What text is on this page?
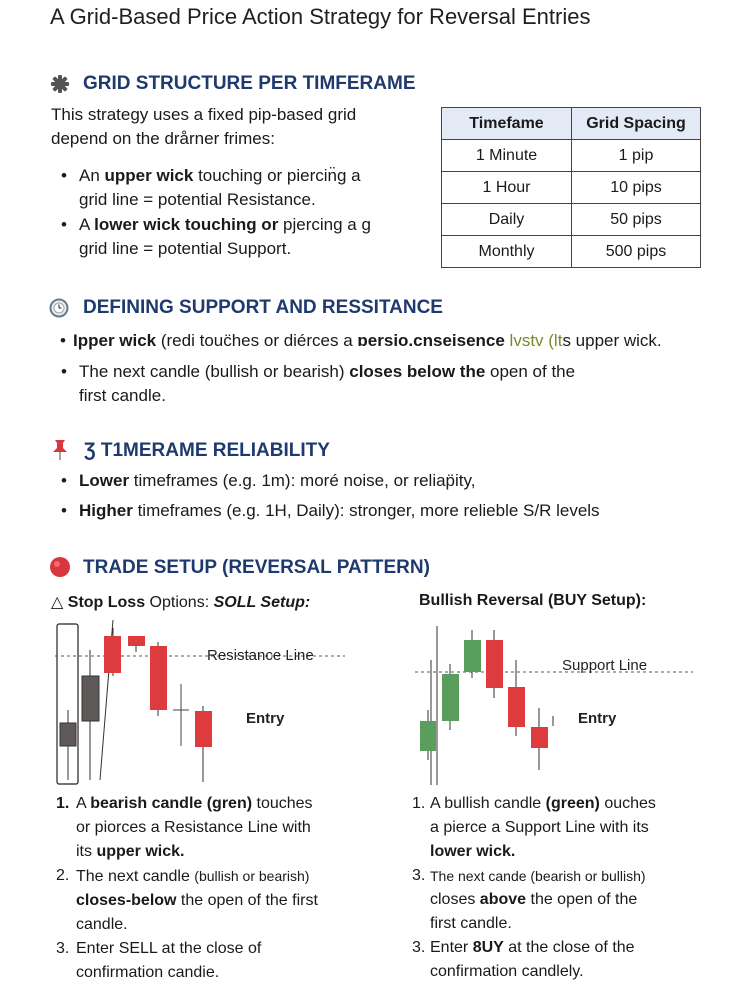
A Grid-Based Price Action Strategy for Reversal Entries
GRID STRUCTURE PER TIMFERAME
This strategy uses a fixed pip-based grid
depend on the drårner frimes:
• An upper wick touching or piercin̈g a
grid line = potential Resistance.
• A lower wick touching or pjercing a g
grid line = potential Support.
Timefame	Grid Spacing
1 Minute	1 pip
1 Hour	10 pips
Daily	50 pips
Monthly	500 pips
DEFINING SUPPORT AND RESSITANCE
• Ipper wick (redi touc̈hes or diérces a ɒersio.cnseisence lvstv (lts upper wick.
• The next candle (bullish or bearish) closes below the open of the
first candle.
Ʒ T1MERAME RELIABILITY
• Lower timeframes (e.g. 1m): moré noise, or reliap̈ity,
• Higher timeframes (e.g. 1H, Daily): stronger, more relieble S/R levels
TRADE SETUP (REVERSAL PATTERN)
△ Stop Loss Options: SOLL Setup:	Bullish Reversal (BUY Setup):
Resistance Line
Entry
Support Line
Entry
1. A bearish candle (gren) touches
or piorces a Resistance Line with
its upper wick.
2. The next candle (bullish or bearish)
closes-below the open of the first
candle.
3. Enter SELL at the close of
confirmation candie.
1. A bullish candle (green) ouches
a pierce a Support Line with its
lower wick.
3. The next cande (bearish or bullish)
closes above the open of the
first candle.
3. Enter 8UY at the close of the
confirmation candlely.
